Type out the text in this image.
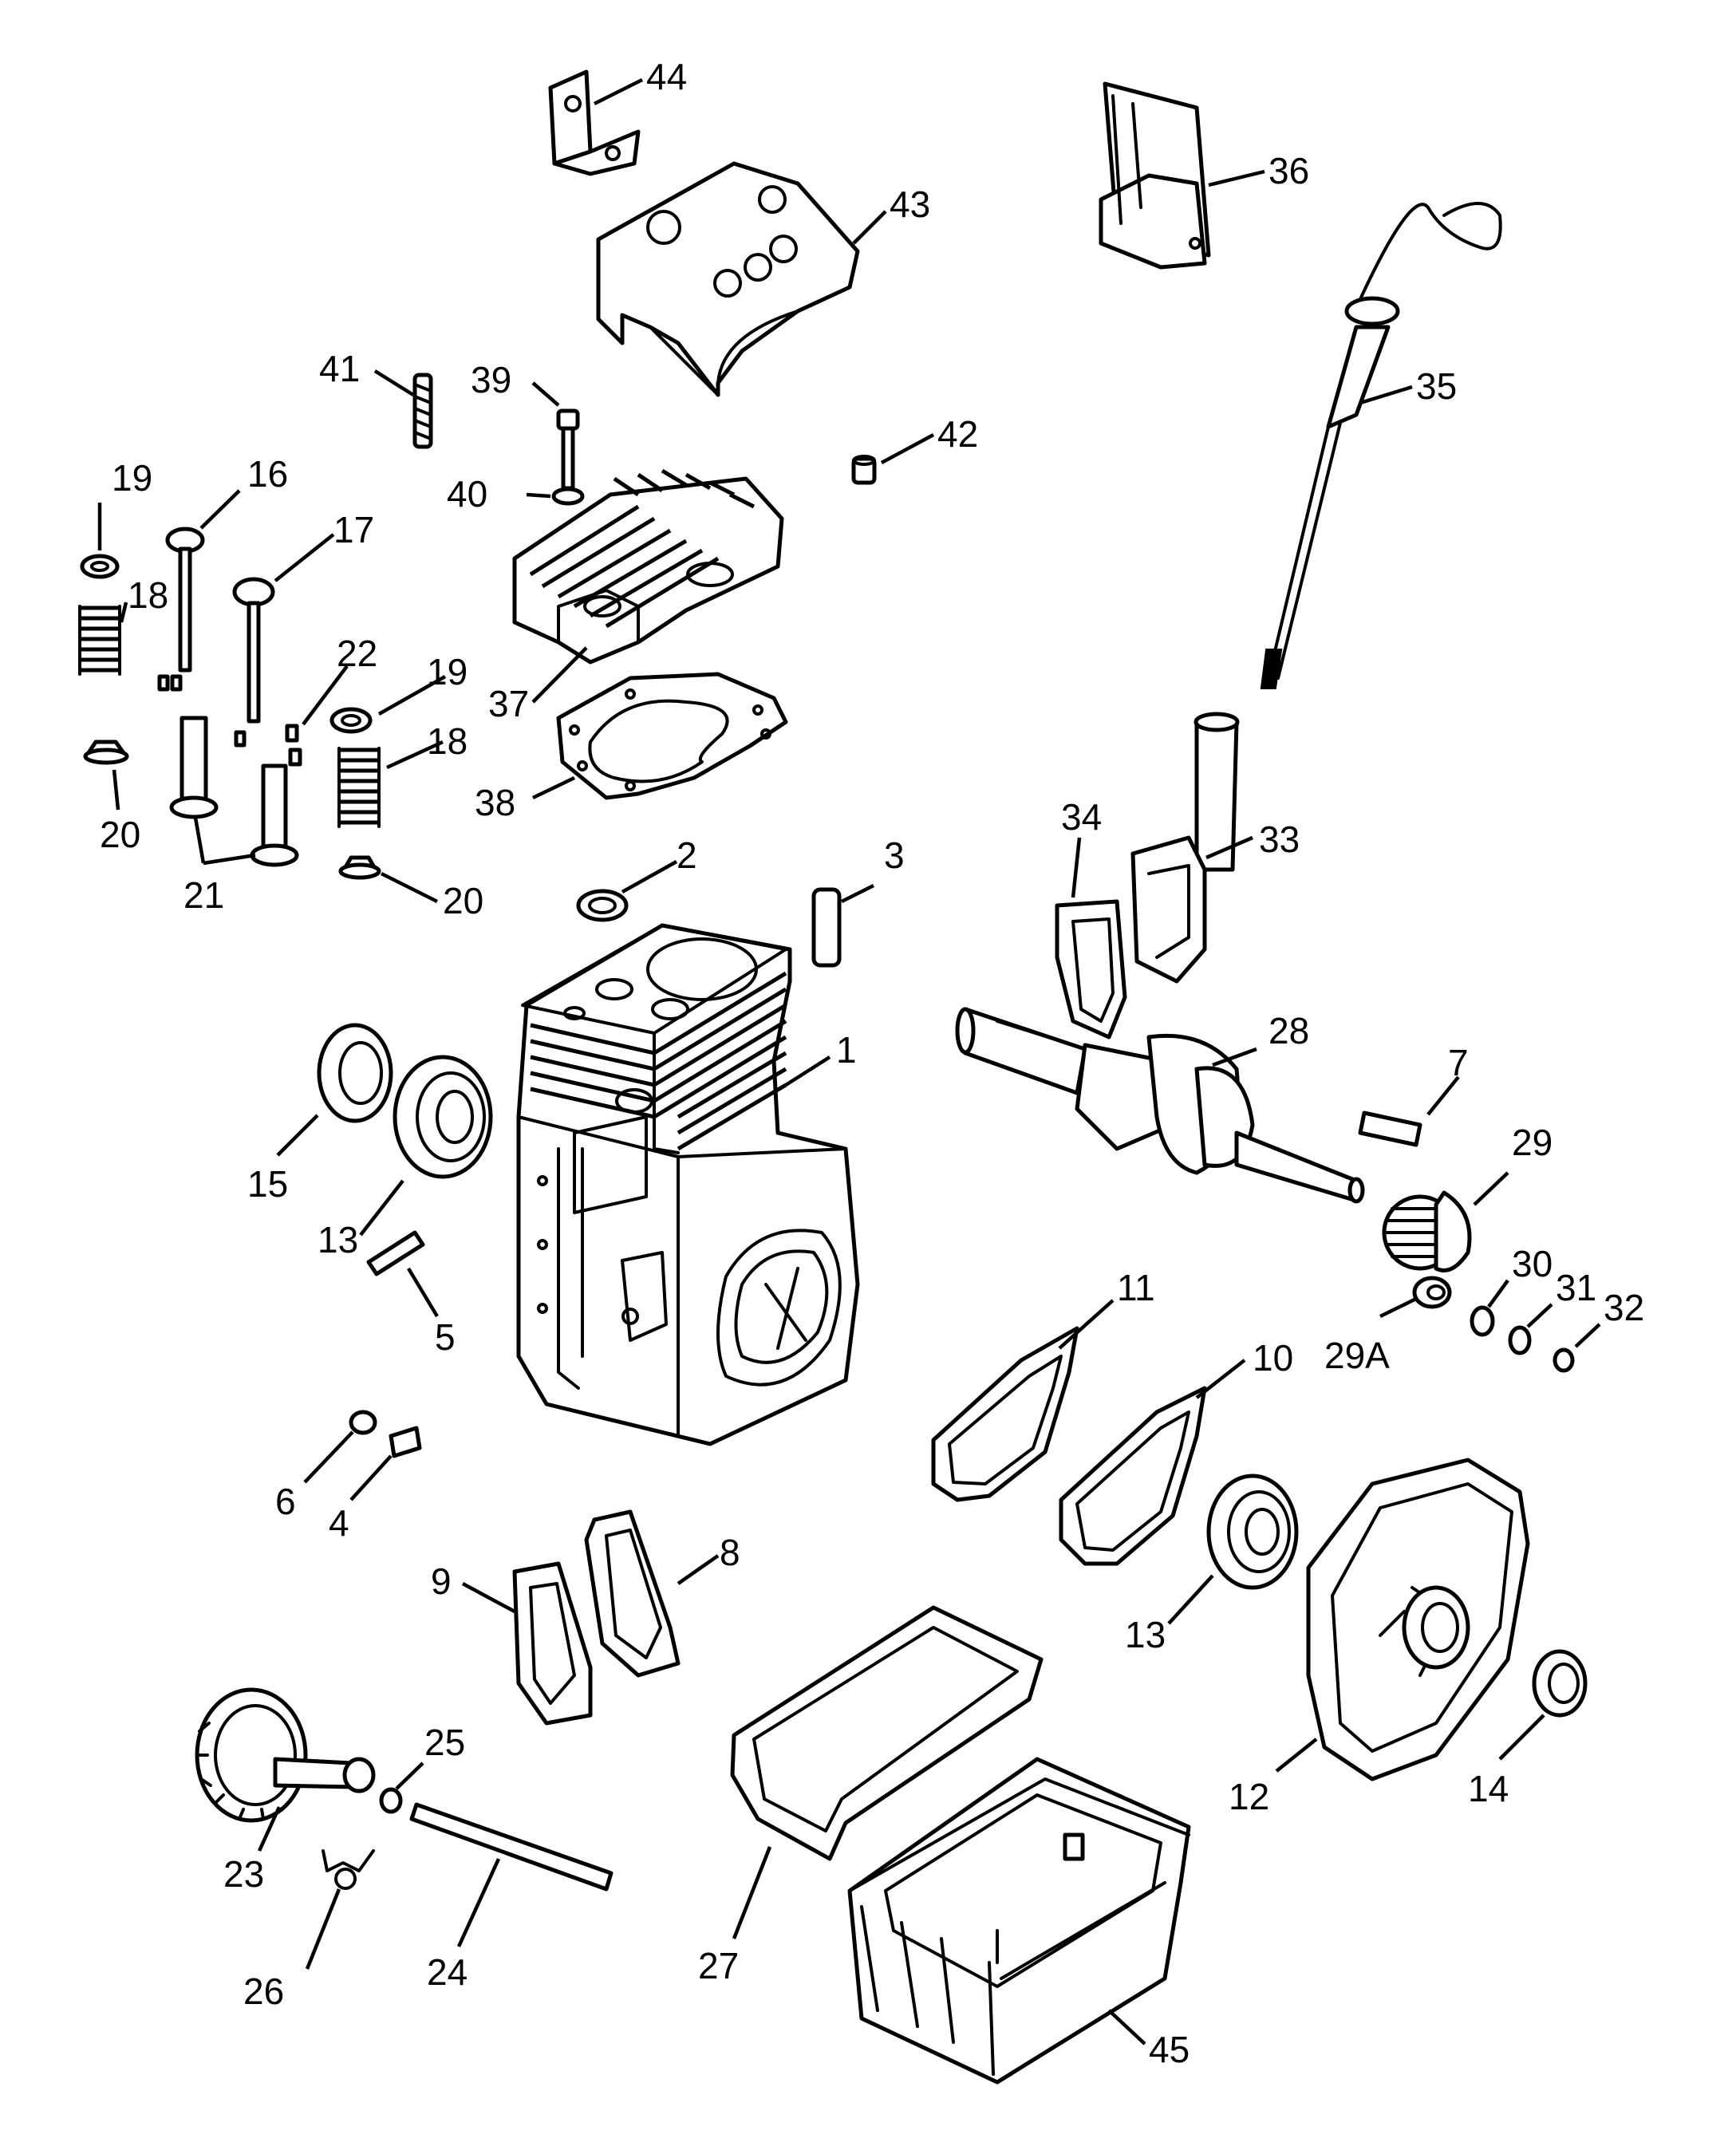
44
43
36
35
41	39
42
40
19	16
17
18
22 19
37
18
38
20
21	20
2	3
34
33
1	28
7
29
15
13
5
11
30
31 32
29A
10
6
4
8
9
13
25
23
12	14
27
24
26
45
